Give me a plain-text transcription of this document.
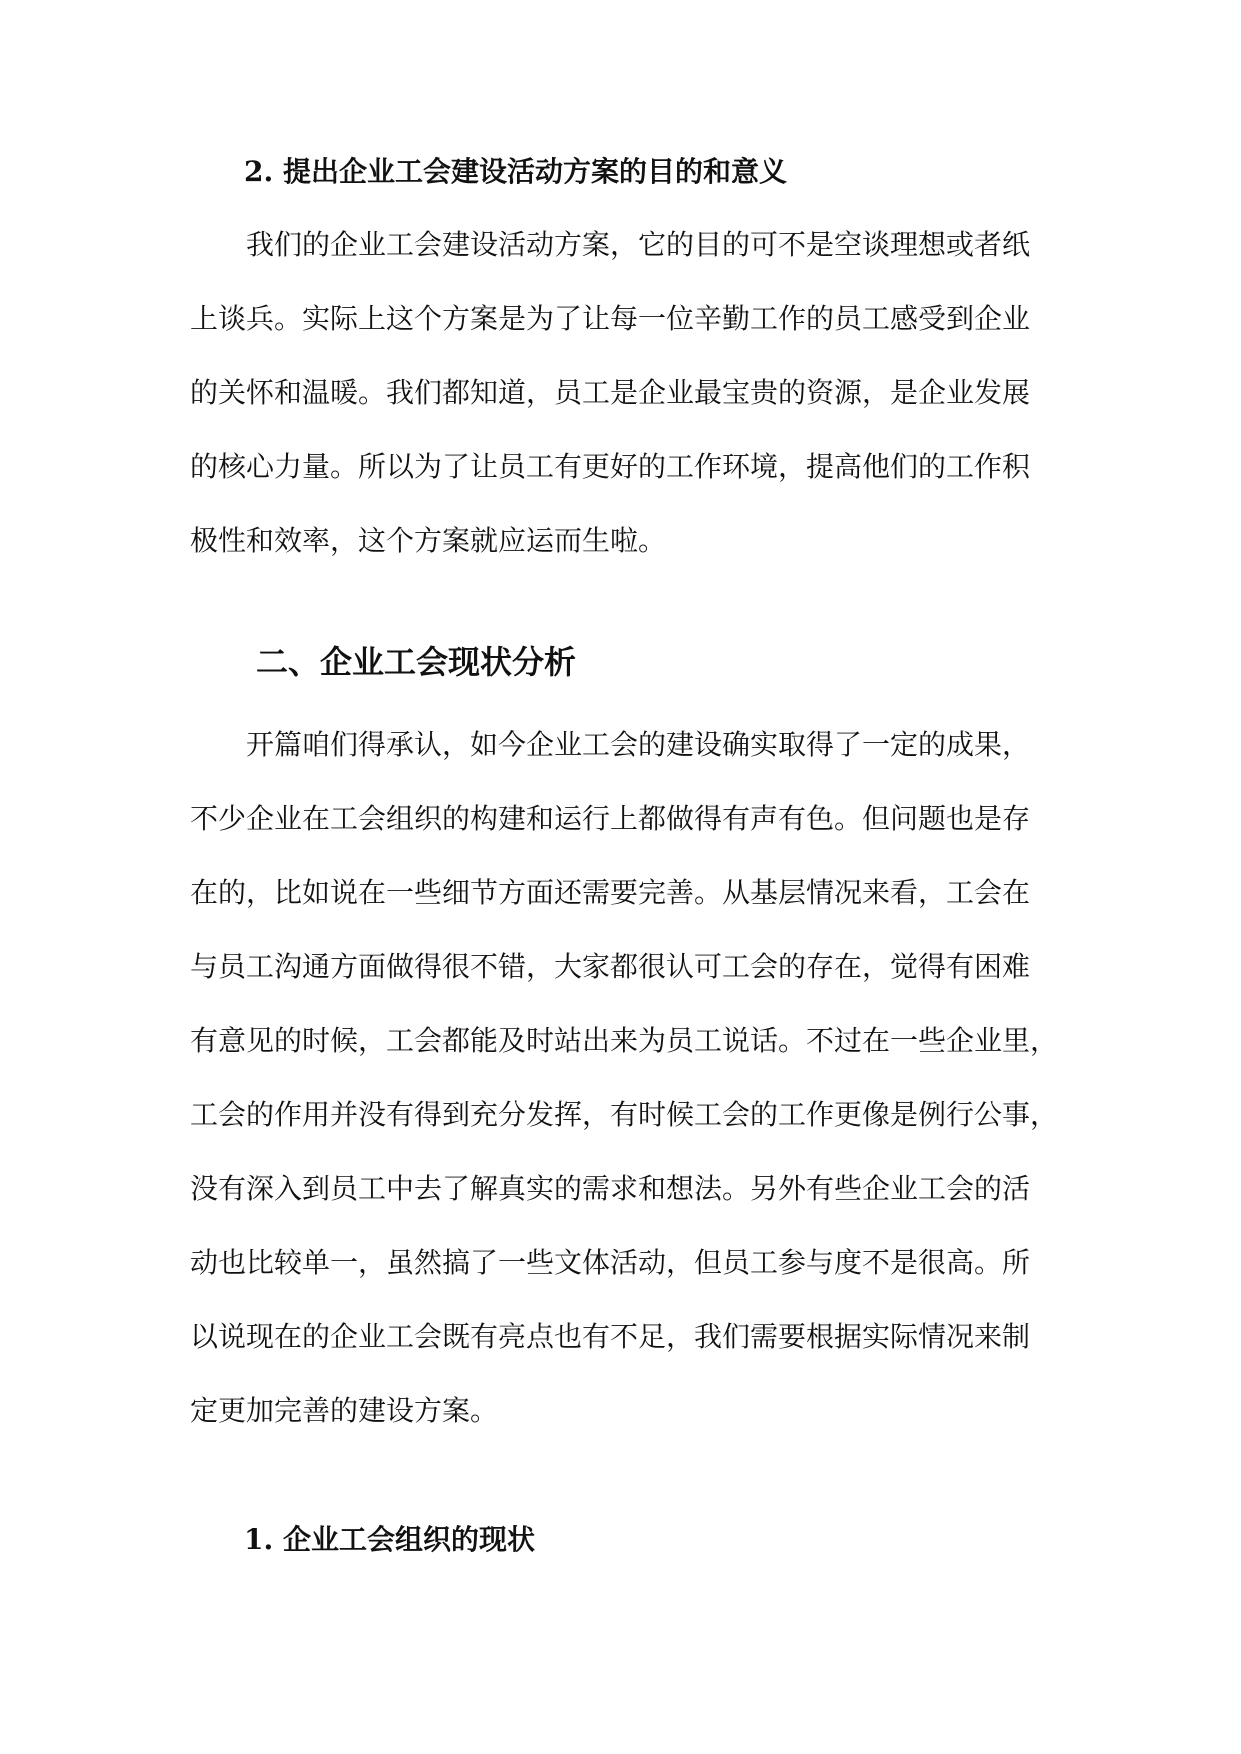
2. 提出企业工会建设活动方案的目的和意义
　　我们的企业工会建设活动方案，它的目的可不是空谈理想或者纸
上谈兵。实际上这个方案是为了让每一位辛勤工作的员工感受到企业
的关怀和温暖。我们都知道，员工是企业最宝贵的资源，是企业发展
的核心力量。所以为了让员工有更好的工作环境，提高他们的工作积
极性和效率，这个方案就应运而生啦。
二、企业工会现状分析
　　开篇咱们得承认，如今企业工会的建设确实取得了一定的成果，
不少企业在工会组织的构建和运行上都做得有声有色。但问题也是存
在的，比如说在一些细节方面还需要完善。从基层情况来看，工会在
与员工沟通方面做得很不错，大家都很认可工会的存在，觉得有困难
有意见的时候，工会都能及时站出来为员工说话。不过在一些企业里，
工会的作用并没有得到充分发挥，有时候工会的工作更像是例行公事，
没有深入到员工中去了解真实的需求和想法。另外有些企业工会的活
动也比较单一，虽然搞了一些文体活动，但员工参与度不是很高。所
以说现在的企业工会既有亮点也有不足，我们需要根据实际情况来制
定更加完善的建设方案。
1. 企业工会组织的现状
